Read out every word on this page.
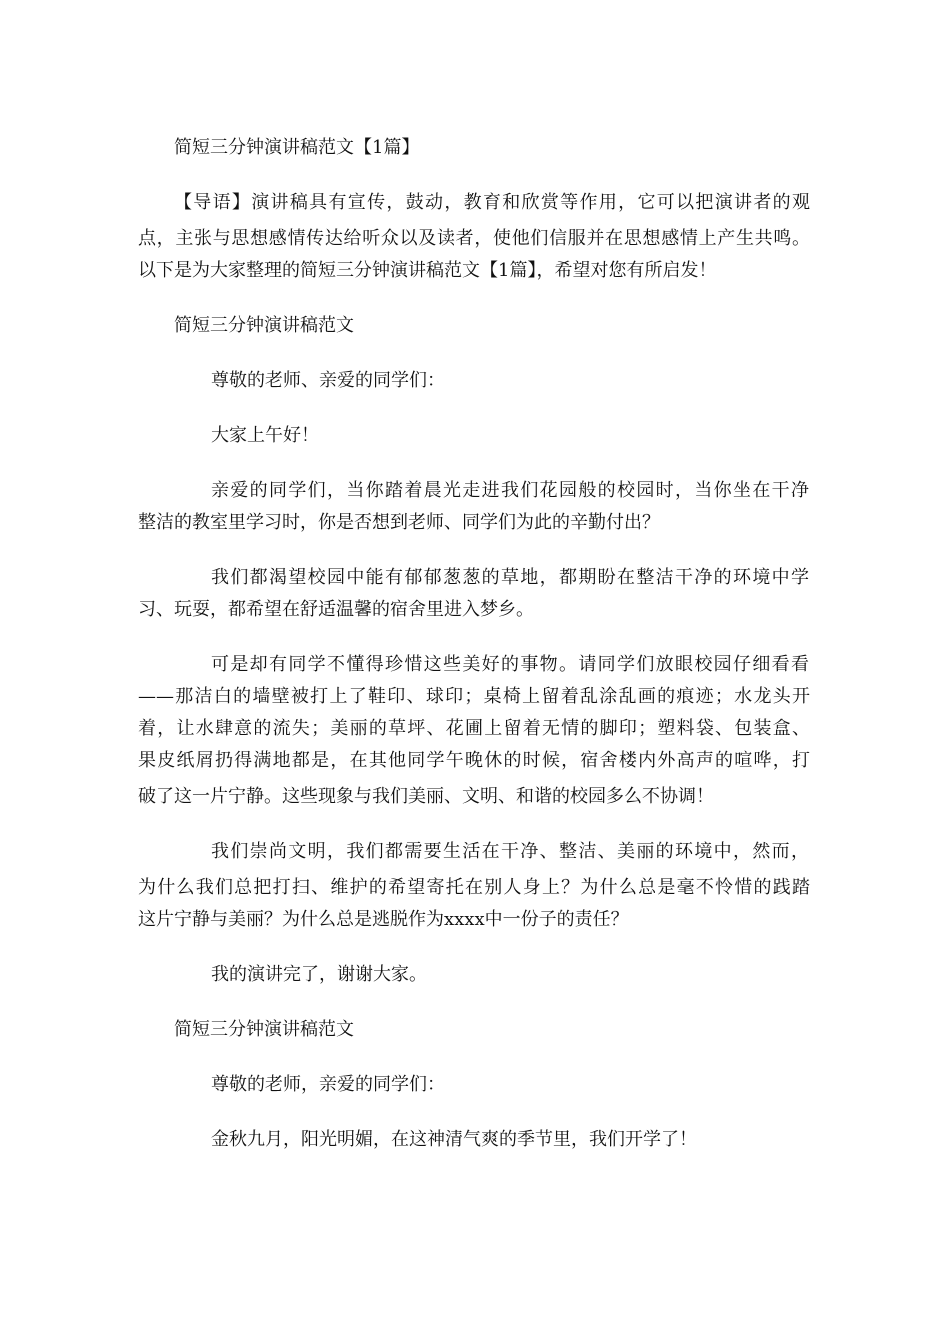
简短三分钟演讲稿范文【1篇】

【导语】演讲稿具有宣传，鼓动，教育和欣赏等作用，它可以把演讲者的观

点，主张与思想感情传达给听众以及读者，使他们信服并在思想感情上产生共鸣。

以下是为大家整理的简短三分钟演讲稿范文【1篇】，希望对您有所启发！

简短三分钟演讲稿范文

尊敬的老师、亲爱的同学们：

大家上午好！

亲爱的同学们，当你踏着晨光走进我们花园般的校园时，当你坐在干净

整洁的教室里学习时，你是否想到老师、同学们为此的辛勤付出？

我们都渴望校园中能有郁郁葱葱的草地，都期盼在整洁干净的环境中学

习、玩耍，都希望在舒适温馨的宿舍里进入梦乡。

可是却有同学不懂得珍惜这些美好的事物。请同学们放眼校园仔细看看

——那洁白的墙壁被打上了鞋印、球印；桌椅上留着乱涂乱画的痕迹；水龙头开

着，让水肆意的流失；美丽的草坪、花圃上留着无情的脚印；塑料袋、包装盒、

果皮纸屑扔得满地都是，在其他同学午晚休的时候，宿舍楼内外高声的喧哗，打

破了这一片宁静。这些现象与我们美丽、文明、和谐的校园多么不协调！

我们崇尚文明，我们都需要生活在干净、整洁、美丽的环境中，然而，

为什么我们总把打扫、维护的希望寄托在别人身上？为什么总是毫不怜惜的践踏

这片宁静与美丽？为什么总是逃脱作为xxxx中一份子的责任？

我的演讲完了，谢谢大家。

简短三分钟演讲稿范文

尊敬的老师，亲爱的同学们：

金秋九月，阳光明媚，在这神清气爽的季节里，我们开学了！
